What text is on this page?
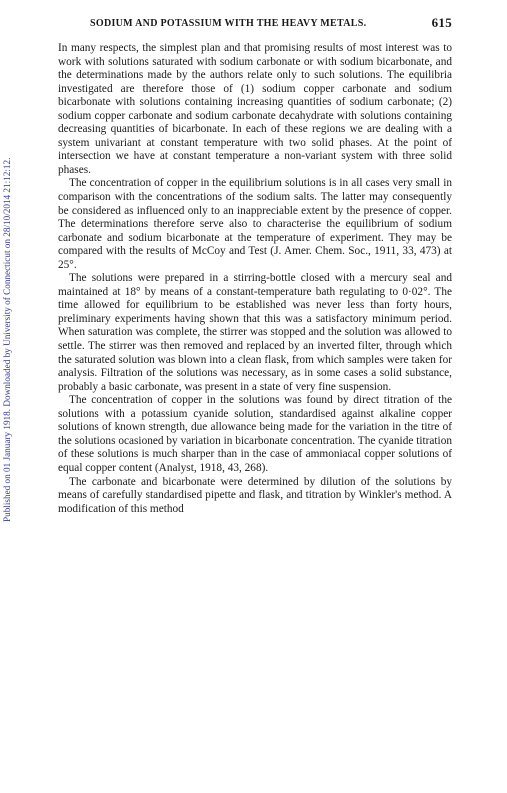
Published on 01 January 1918. Downloaded by University of Connecticut on 28/10/2014 21:12:12.
SODIUM AND POTASSIUM WITH THE HEAVY METALS.	615

In many respects, the simplest plan and that promising results of most interest was to work with solutions saturated with sodium carbonate or with sodium bicarbonate, and the determinations made by the authors relate only to such solutions. The equilibria investigated are therefore those of (1) sodium copper carbonate and sodium bicarbonate with solutions containing increasing quantities of sodium carbonate; (2) sodium copper carbonate and sodium carbonate decahydrate with solutions containing decreasing quantities of bicarbonate. In each of these regions we are dealing with a system univariant at constant temperature with two solid phases. At the point of intersection we have at constant temperature a non-variant system with three solid phases.

The concentration of copper in the equilibrium solutions is in all cases very small in comparison with the concentrations of the sodium salts. The latter may consequently be considered as influenced only to an inappreciable extent by the presence of copper. The determinations therefore serve also to characterise the equilibrium of sodium carbonate and sodium bicarbonate at the temperature of experiment. They may be compared with the results of McCoy and Test (J. Amer. Chem. Soc., 1911, 33, 473) at 25°.

The solutions were prepared in a stirring-bottle closed with a mercury seal and maintained at 18° by means of a constant-temperature bath regulating to 0·02°. The time allowed for equilibrium to be established was never less than forty hours, preliminary experiments having shown that this was a satisfactory minimum period. When saturation was complete, the stirrer was stopped and the solution was allowed to settle. The stirrer was then removed and replaced by an inverted filter, through which the saturated solution was blown into a clean flask, from which samples were taken for analysis. Filtration of the solutions was necessary, as in some cases a solid substance, probably a basic carbonate, was present in a state of very fine suspension.

The concentration of copper in the solutions was found by direct titration of the solutions with a potassium cyanide solution, standardised against alkaline copper solutions of known strength, due allowance being made for the variation in the titre of the solutions ocasioned by variation in bicarbonate concentration. The cyanide titration of these solutions is much sharper than in the case of ammoniacal copper solutions of equal copper content (Analyst, 1918, 43, 268).

The carbonate and bicarbonate were determined by dilution of the solutions by means of carefully standardised pipette and flask, and titration by Winkler's method. A modification of this method
